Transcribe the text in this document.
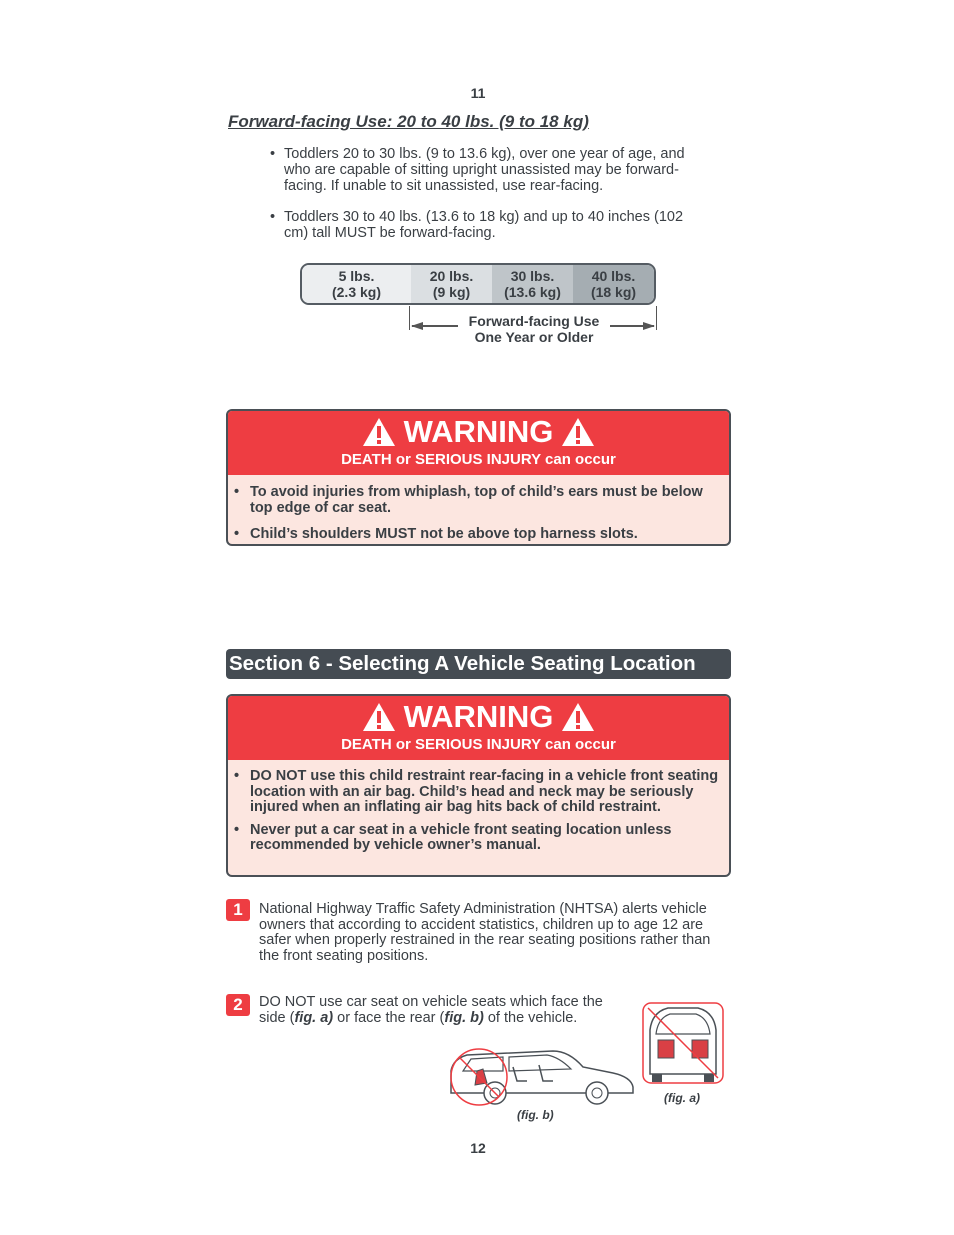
11
Forward-facing Use: 20 to 40 lbs. (9 to 18 kg)
• Toddlers 20 to 30 lbs. (9 to 13.6 kg), over one year of age, and who are capable of sitting upright unassisted may be forward-facing. If unable to sit unassisted, use rear-facing.
• Toddlers 30 to 40 lbs. (13.6 to 18 kg) and up to 40 inches (102 cm) tall MUST be forward-facing.
5 lbs.
(2.3 kg)
20 lbs.
(9 kg)
30 lbs.
(13.6 kg)
40 lbs.
(18 kg)
Forward-facing Use
One Year or Older
WARNING
DEATH or SERIOUS INJURY can occur
• To avoid injuries from whiplash, top of child’s ears must be below top edge of car seat.
• Child’s shoulders MUST not be above top harness slots.
Section 6 - Selecting A Vehicle Seating Location
WARNING
DEATH or SERIOUS INJURY can occur
• DO NOT use this child restraint rear-facing in a vehicle front seating location with an air bag. Child’s head and neck may be seriously injured when an inflating air bag hits back of child restraint.
• Never put a car seat in a vehicle front seating location unless recommended by vehicle owner’s manual.
1	National Highway Traffic Safety Administration (NHTSA) alerts vehicle owners that according to accident statistics, children up to age 12 are safer when properly restrained in the rear seating positions rather than the front seating positions.
2	DO NOT use car seat on vehicle seats which face the side (fig. a) or face the rear (fig. b) of the vehicle.
(fig. b)
(fig. a)
12
